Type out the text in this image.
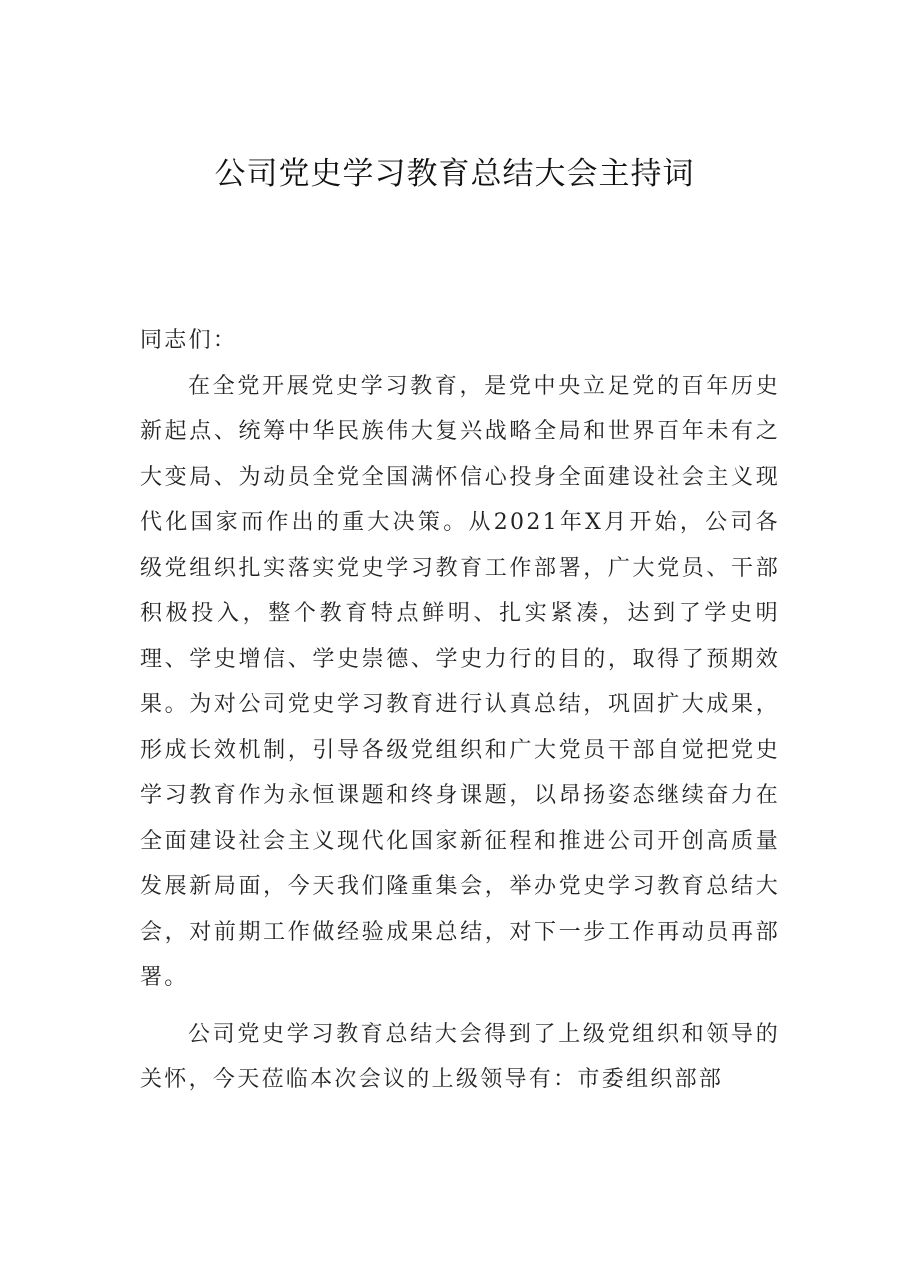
公司党史学习教育总结大会主持词

同志们：

在全党开展党史学习教育，是党中央立足党的百年历史新起点、统筹中华民族伟大复兴战略全局和世界百年未有之大变局、为动员全党全国满怀信心投身全面建设社会主义现代化国家而作出的重大决策。从2021年X月开始，公司各级党组织扎实落实党史学习教育工作部署，广大党员、干部积极投入，整个教育特点鲜明、扎实紧凑，达到了学史明理、学史增信、学史崇德、学史力行的目的，取得了预期效果。为对公司党史学习教育进行认真总结，巩固扩大成果，形成长效机制，引导各级党组织和广大党员干部自觉把党史学习教育作为永恒课题和终身课题，以昂扬姿态继续奋力在全面建设社会主义现代化国家新征程和推进公司开创高质量发展新局面，今天我们隆重集会，举办党史学习教育总结大会，对前期工作做经验成果总结，对下一步工作再动员再部署。

公司党史学习教育总结大会得到了上级党组织和领导的关怀，今天莅临本次会议的上级领导有：市委组织部部
